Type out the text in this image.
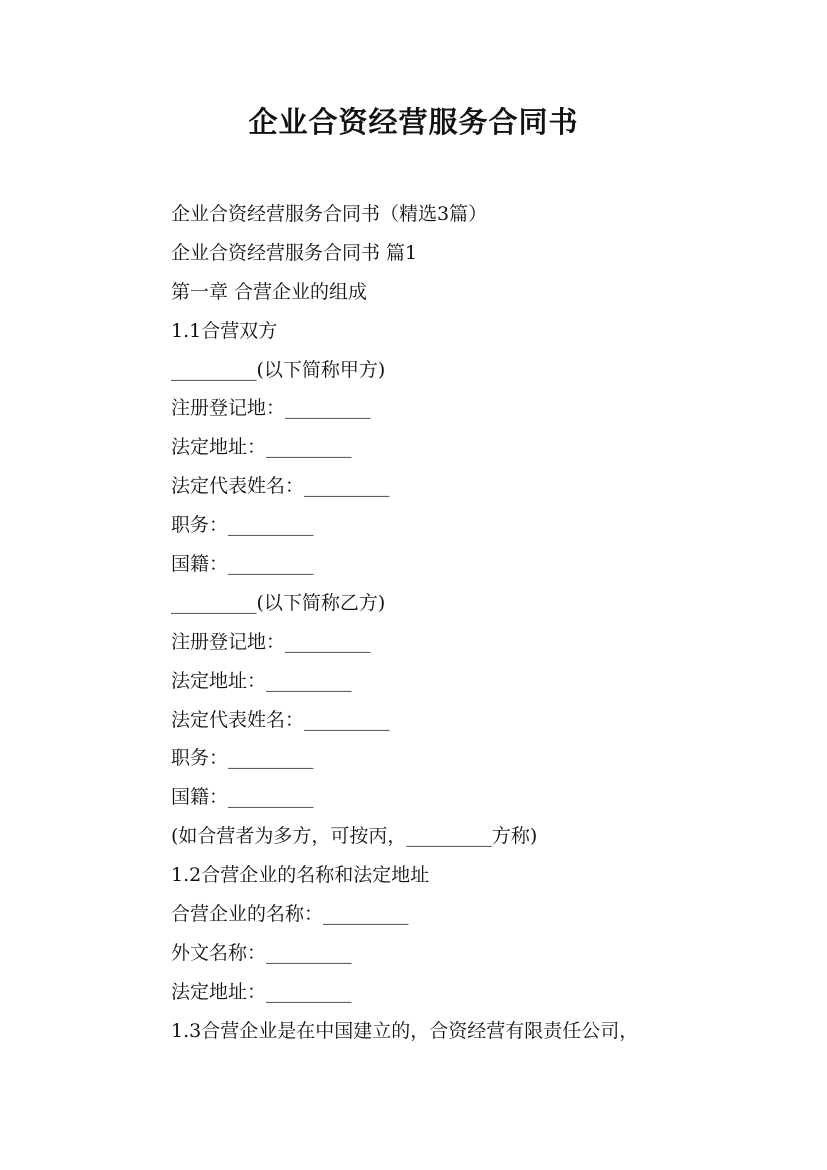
企业合资经营服务合同书

企业合资经营服务合同书（精选3篇）

企业合资经营服务合同书 篇1

第一章 合营企业的组成

1.1合营双方

_________(以下简称甲方)

注册登记地：_________

法定地址：_________

法定代表姓名：_________

职务：_________

国籍：_________

_________(以下简称乙方)

注册登记地：_________

法定地址：_________

法定代表姓名：_________

职务：_________

国籍：_________

(如合营者为多方，可按丙，_________方称)

1.2合营企业的名称和法定地址

合营企业的名称：_________

外文名称：_________

法定地址：_________

1.3合营企业是在中国建立的，合资经营有限责任公司，
